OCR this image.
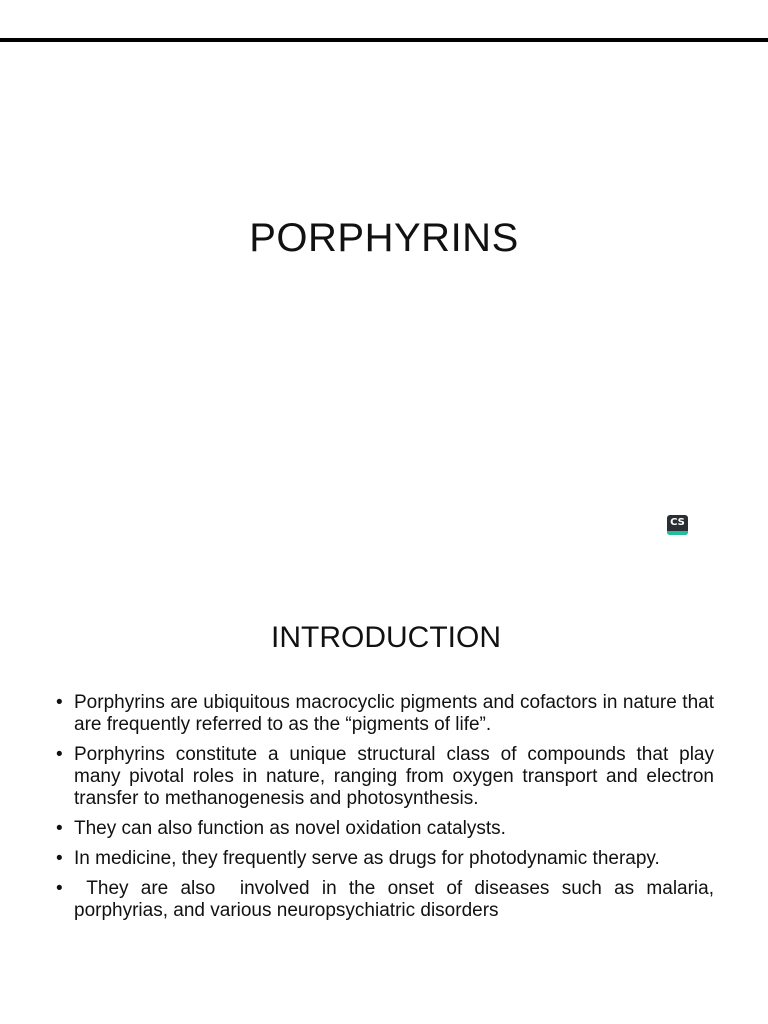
PORPHYRINS
CS
INTRODUCTION
• Porphyrins are ubiquitous macrocyclic pigments and cofactors in nature that are frequently referred to as the “pigments of life”.
• Porphyrins constitute a unique structural class of compounds that play many pivotal roles in nature, ranging from oxygen transport and electron transfer to methanogenesis and photosynthesis.
• They can also function as novel oxidation catalysts.
• In medicine, they frequently serve as drugs for photodynamic therapy.
• They are also  involved in the onset of diseases such as malaria, porphyrias, and various neuropsychiatric disorders
